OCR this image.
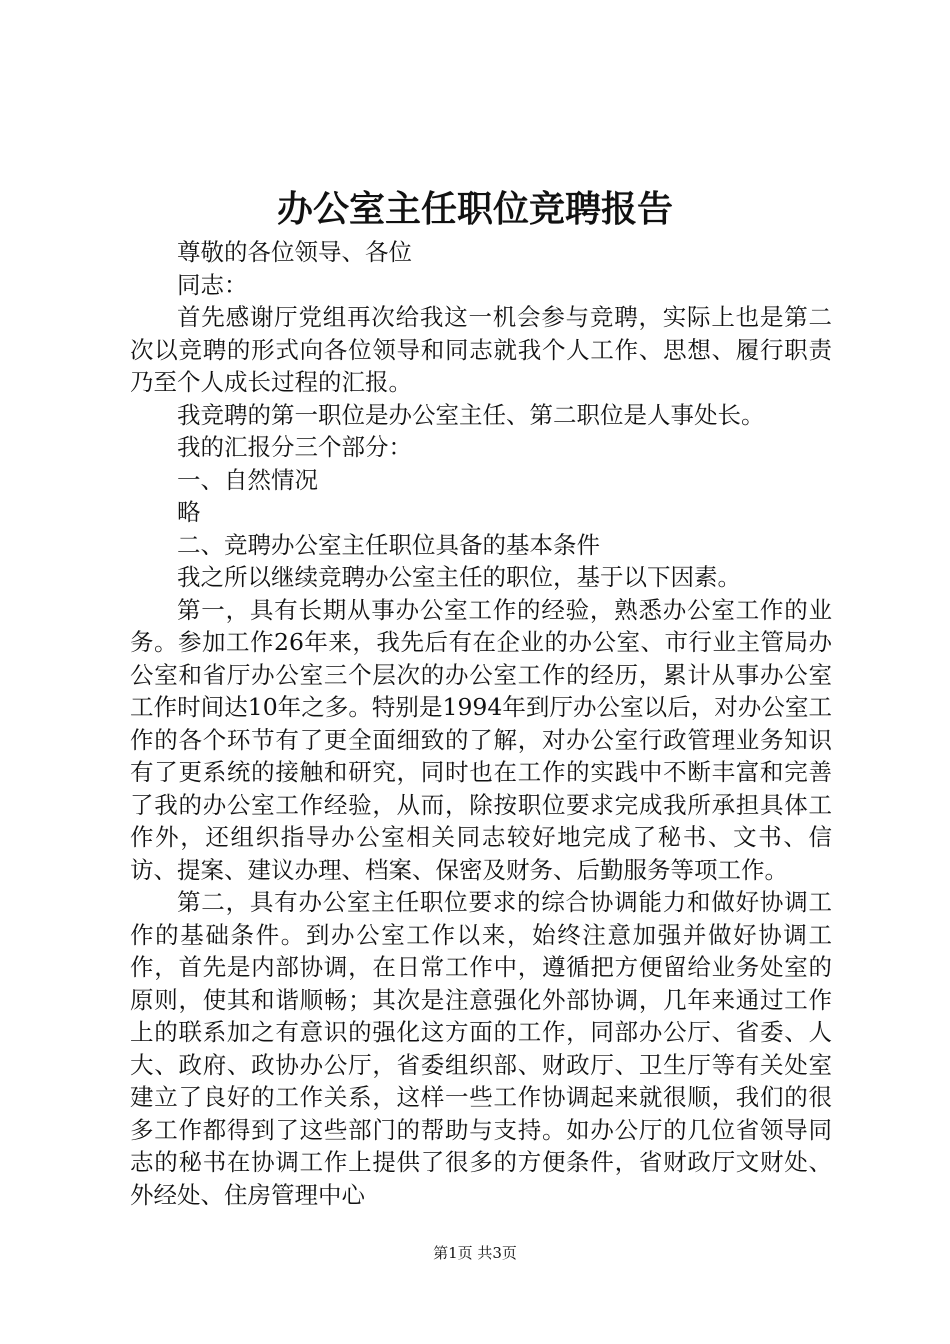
办公室主任职位竞聘报告

尊敬的各位领导、各位

同志：

首先感谢厅党组再次给我这一机会参与竞聘，实际上也是第二次以竞聘的形式向各位领导和同志就我个人工作、思想、履行职责乃至个人成长过程的汇报。

我竞聘的第一职位是办公室主任、第二职位是人事处长。

我的汇报分三个部分：

一、自然情况

略

二、竞聘办公室主任职位具备的基本条件

我之所以继续竞聘办公室主任的职位，基于以下因素。

第一，具有长期从事办公室工作的经验，熟悉办公室工作的业务。参加工作26年来，我先后有在企业的办公室、市行业主管局办公室和省厅办公室三个层次的办公室工作的经历，累计从事办公室工作时间达10年之多。特别是1994年到厅办公室以后，对办公室工作的各个环节有了更全面细致的了解，对办公室行政管理业务知识有了更系统的接触和研究，同时也在工作的实践中不断丰富和完善了我的办公室工作经验，从而，除按职位要求完成我所承担具体工作外，还组织指导办公室相关同志较好地完成了秘书、文书、信访、提案、建议办理、档案、保密及财务、后勤服务等项工作。

第二，具有办公室主任职位要求的综合协调能力和做好协调工作的基础条件。到办公室工作以来，始终注意加强并做好协调工作，首先是内部协调，在日常工作中，遵循把方便留给业务处室的原则，使其和谐顺畅；其次是注意强化外部协调，几年来通过工作上的联系加之有意识的强化这方面的工作，同部办公厅、省委、人大、政府、政协办公厅，省委组织部、财政厅、卫生厅等有关处室建立了良好的工作关系，这样一些工作协调起来就很顺，我们的很多工作都得到了这些部门的帮助与支持。如办公厅的几位省领导同志的秘书在协调工作上提供了很多的方便条件，省财政厅文财处、外经处、住房管理中心

第1页 共3页
